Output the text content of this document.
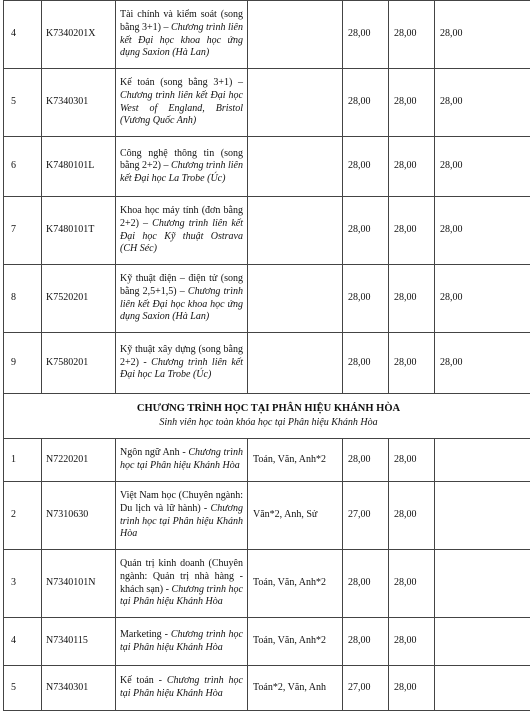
4	K7340201X	Tài chính và kiểm soát (song bằng 3+1) – Chương trình liên kết Đại học khoa học ứng dụng Saxion (Hà Lan)		28,00	28,00	28,00
5	K7340301	Kế toán (song bằng 3+1) – Chương trình liên kết Đại học West of England, Bristol (Vương Quốc Anh)		28,00	28,00	28,00
6	K7480101L	Công nghệ thông tin (song bằng 2+2) – Chương trình liên kết Đại học La Trobe (Úc)		28,00	28,00	28,00
7	K7480101T	Khoa học máy tính (đơn bằng 2+2) – Chương trình liên kết Đại học Kỹ thuật Ostrava (CH Séc)		28,00	28,00	28,00
8	K7520201	Kỹ thuật điện – điện tử (song bằng 2,5+1,5) – Chương trình liên kết Đại học khoa học ứng dụng Saxion (Hà Lan)		28,00	28,00	28,00
9	K7580201	Kỹ thuật xây dựng (song bằng 2+2) - Chương trình liên kết Đại học La Trobe (Úc)		28,00	28,00	28,00

CHƯƠNG TRÌNH HỌC TẠI PHÂN HIỆU KHÁNH HÒA
Sinh viên học toàn khóa học tại Phân hiệu Khánh Hòa						

1	N7220201	Ngôn ngữ Anh - Chương trình học tại Phân hiệu Khánh Hòa	Toán, Văn, Anh*2	28,00	28,00	
2	N7310630	Việt Nam học (Chuyên ngành: Du lịch và lữ hành) - Chương trình học tại Phân hiệu Khánh Hòa	Văn*2, Anh, Sử	27,00	28,00	
3	N7340101N	Quản trị kinh doanh (Chuyên ngành: Quản trị nhà hàng - khách sạn) - Chương trình học tại Phân hiệu Khánh Hòa	Toán, Văn, Anh*2	28,00	28,00	
4	N7340115	Marketing - Chương trình học tại Phân hiệu Khánh Hòa	Toán, Văn, Anh*2	28,00	28,00	
5	N7340301	Kế toán - Chương trình học tại Phân hiệu Khánh Hòa	Toán*2, Văn, Anh	27,00	28,00	
